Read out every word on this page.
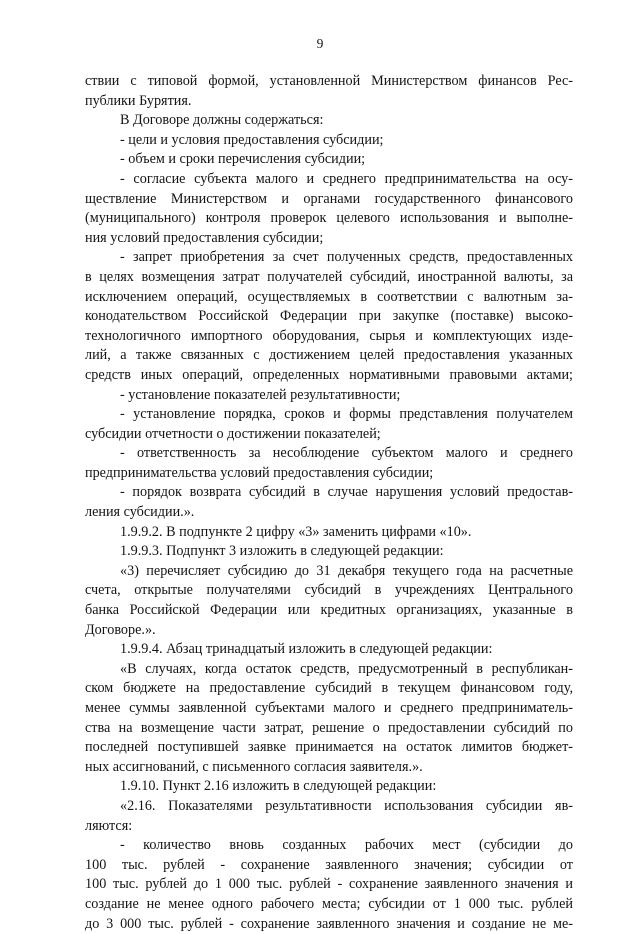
9
ствии с типовой формой, установленной Министерством финансов Рес-
публики Бурятия.
В Договоре должны содержаться:
- цели и условия предоставления субсидии;
- объем и сроки перечисления субсидии;
- согласие субъекта малого и среднего предпринимательства на осу-
ществление Министерством и органами государственного финансового
(муниципального) контроля проверок целевого использования и выполне-
ния условий предоставления субсидии;
- запрет приобретения за счет полученных средств, предоставленных
в целях возмещения затрат получателей субсидий, иностранной валюты, за
исключением операций, осуществляемых в соответствии с валютным за-
конодательством Российской Федерации при закупке (поставке) высоко-
технологичного импортного оборудования, сырья и комплектующих изде-
лий, а также связанных с достижением целей предоставления указанных
средств иных операций, определенных нормативными правовыми актами;
- установление показателей результативности;
- установление порядка, сроков и формы представления получателем
субсидии отчетности о достижении показателей;
- ответственность за несоблюдение субъектом малого и среднего
предпринимательства условий предоставления субсидии;
- порядок возврата субсидий в случае нарушения условий предостав-
ления субсидии.».
1.9.9.2. В подпункте 2 цифру «3» заменить цифрами «10».
1.9.9.3. Подпункт 3 изложить в следующей редакции:
«3) перечисляет субсидию до 31 декабря текущего года на расчетные
счета, открытые получателями субсидий в учреждениях Центрального
банка Российской Федерации или кредитных организациях, указанные в
Договоре.».
1.9.9.4. Абзац тринадцатый изложить в следующей редакции:
«В случаях, когда остаток средств, предусмотренный в республикан-
ском бюджете на предоставление субсидий в текущем финансовом году,
менее суммы заявленной субъектами малого и среднего предприниматель-
ства на возмещение части затрат, решение о предоставлении субсидий по
последней поступившей заявке принимается на остаток лимитов бюджет-
ных ассигнований, с письменного согласия заявителя.».
1.9.10. Пункт 2.16 изложить в следующей редакции:
«2.16. Показателями результативности использования субсидии яв-
ляются:
- количество вновь созданных рабочих мест (субсидии до
100 тыс. рублей - сохранение заявленного значения; субсидии от
100 тыс. рублей до 1 000 тыс. рублей - сохранение заявленного значения и
создание не менее одного рабочего места; субсидии от 1 000 тыс. рублей
до 3 000 тыс. рублей - сохранение заявленного значения и создание не ме-
